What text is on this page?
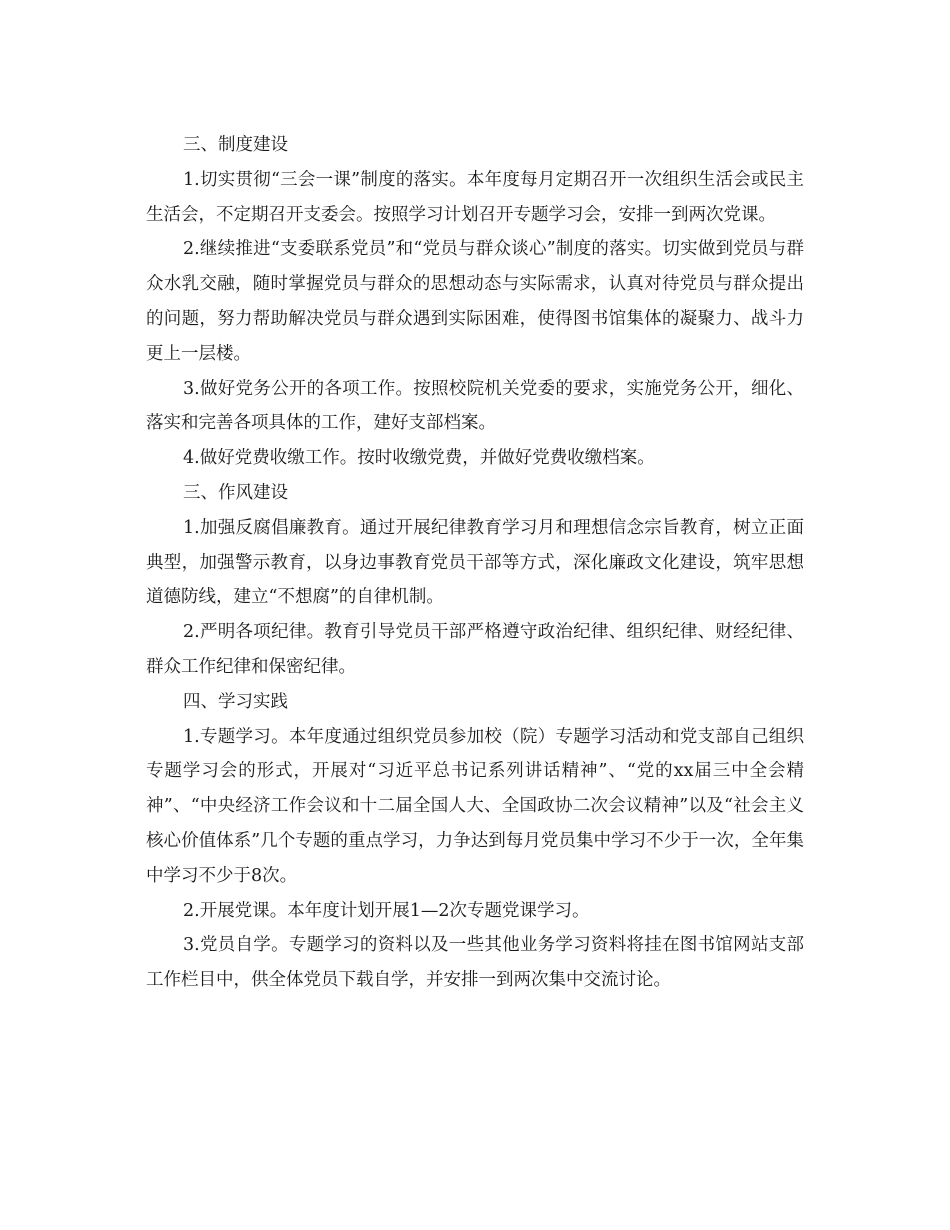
三、制度建设

1.切实贯彻“三会一课”制度的落实。本年度每月定期召开一次组织生活会或民主生活会，不定期召开支委会。按照学习计划召开专题学习会，安排一到两次党课。

2.继续推进“支委联系党员”和“党员与群众谈心”制度的落实。切实做到党员与群众水乳交融，随时掌握党员与群众的思想动态与实际需求，认真对待党员与群众提出的问题，努力帮助解决党员与群众遇到实际困难，使得图书馆集体的凝聚力、战斗力更上一层楼。

3.做好党务公开的各项工作。按照校院机关党委的要求，实施党务公开，细化、落实和完善各项具体的工作，建好支部档案。

4.做好党费收缴工作。按时收缴党费，并做好党费收缴档案。

三、作风建设

1.加强反腐倡廉教育。通过开展纪律教育学习月和理想信念宗旨教育，树立正面典型，加强警示教育，以身边事教育党员干部等方式，深化廉政文化建设，筑牢思想道德防线，建立“不想腐”的自律机制。

2.严明各项纪律。教育引导党员干部严格遵守政治纪律、组织纪律、财经纪律、群众工作纪律和保密纪律。

四、学习实践

1.专题学习。本年度通过组织党员参加校（院）专题学习活动和党支部自己组织专题学习会的形式，开展对“习近平总书记系列讲话精神”、“党的xx届三中全会精神”、“中央经济工作会议和十二届全国人大、全国政协二次会议精神”以及“社会主义核心价值体系”几个专题的重点学习，力争达到每月党员集中学习不少于一次，全年集中学习不少于8次。

2.开展党课。本年度计划开展1—2次专题党课学习。

3.党员自学。专题学习的资料以及一些其他业务学习资料将挂在图书馆网站支部工作栏目中，供全体党员下载自学，并安排一到两次集中交流讨论。
